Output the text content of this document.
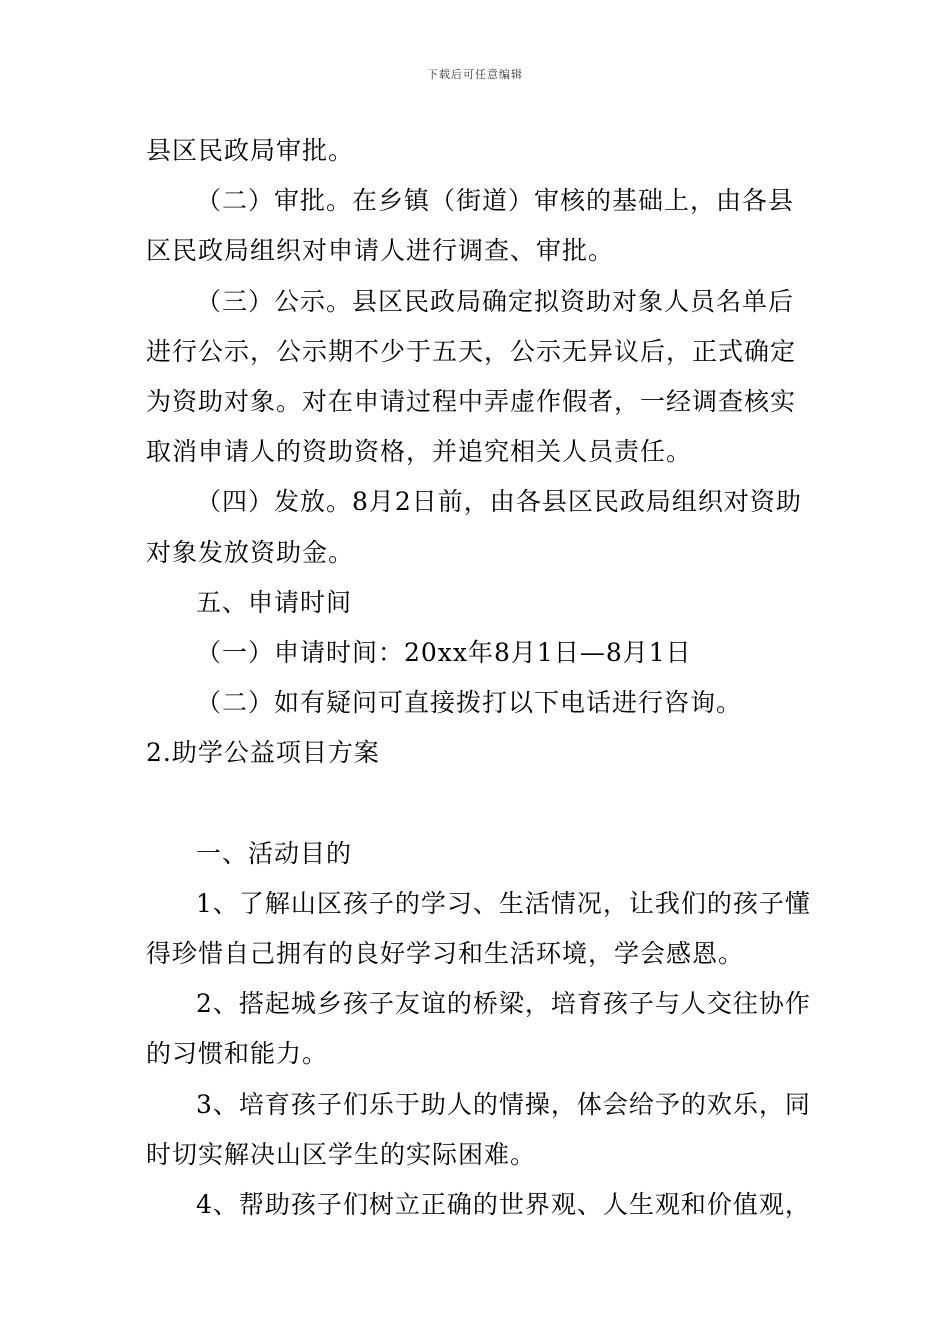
下载后可任意编辑
县区民政局审批。
（二）审批。在乡镇（街道）审核的基础上，由各县
区民政局组织对申请人进行调查、审批。
（三）公示。县区民政局确定拟资助对象人员名单后
进行公示，公示期不少于五天，公示无异议后，正式确定
为资助对象。对在申请过程中弄虚作假者，一经调查核实
取消申请人的资助资格，并追究相关人员责任。
（四）发放。8月2日前，由各县区民政局组织对资助
对象发放资助金。
五、申请时间
（一）申请时间：20xx年8月1日—8月1日
（二）如有疑问可直接拨打以下电话进行咨询。
2.助学公益项目方案
一、活动目的
1、了解山区孩子的学习、生活情况，让我们的孩子懂
得珍惜自己拥有的良好学习和生活环境，学会感恩。
2、搭起城乡孩子友谊的桥梁，培育孩子与人交往协作
的习惯和能力。
3、培育孩子们乐于助人的情操，体会给予的欢乐，同
时切实解决山区学生的实际困难。
4、帮助孩子们树立正确的世界观、人生观和价值观，
